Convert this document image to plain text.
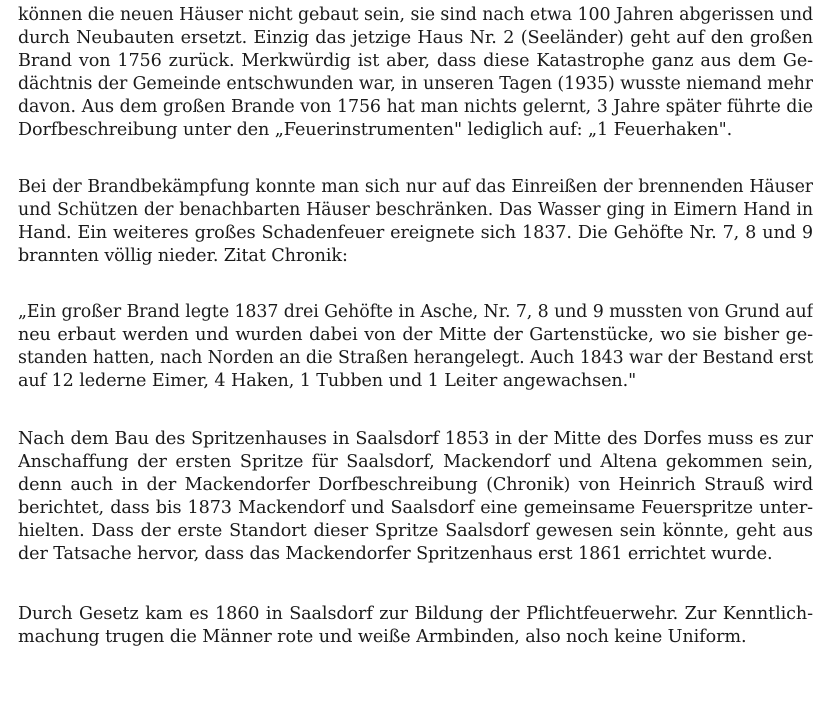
können die neuen Häuser nicht gebaut sein, sie sind nach etwa 100 Jahren abgerissen und
durch Neubauten ersetzt. Einzig das jetzige Haus Nr. 2 (Seeländer) geht auf den großen
Brand von 1756 zurück. Merkwürdig ist aber, dass diese Katastrophe ganz aus dem Ge-
dächtnis der Gemeinde entschwunden war, in unseren Tagen (1935) wusste niemand mehr
davon. Aus dem großen Brande von 1756 hat man nichts gelernt, 3 Jahre später führte die
Dorfbeschreibung unter den „Feuerinstrumenten" lediglich auf: „1 Feuerhaken".
Bei der Brandbekämpfung konnte man sich nur auf das Einreißen der brennenden Häuser
und Schützen der benachbarten Häuser beschränken. Das Wasser ging in Eimern Hand in
Hand. Ein weiteres großes Schadenfeuer ereignete sich 1837. Die Gehöfte Nr. 7, 8 und 9
brannten völlig nieder. Zitat Chronik:
„Ein großer Brand legte 1837 drei Gehöfte in Asche, Nr. 7, 8 und 9 mussten von Grund auf
neu erbaut werden und wurden dabei von der Mitte der Gartenstücke, wo sie bisher ge-
standen hatten, nach Norden an die Straßen herangelegt. Auch 1843 war der Bestand erst
auf 12 lederne Eimer, 4 Haken, 1 Tubben und 1 Leiter angewachsen."
Nach dem Bau des Spritzenhauses in Saalsdorf 1853 in der Mitte des Dorfes muss es zur
Anschaffung der ersten Spritze für Saalsdorf, Mackendorf und Altena gekommen sein,
denn auch in der Mackendorfer Dorfbeschreibung (Chronik) von Heinrich Strauß wird
berichtet, dass bis 1873 Mackendorf und Saalsdorf eine gemeinsame Feuerspritze unter-
hielten. Dass der erste Standort dieser Spritze Saalsdorf gewesen sein könnte, geht aus
der Tatsache hervor, dass das Mackendorfer Spritzenhaus erst 1861 errichtet wurde.
Durch Gesetz kam es 1860 in Saalsdorf zur Bildung der Pflichtfeuerwehr. Zur Kenntlich-
machung trugen die Männer rote und weiße Armbinden, also noch keine Uniform.
